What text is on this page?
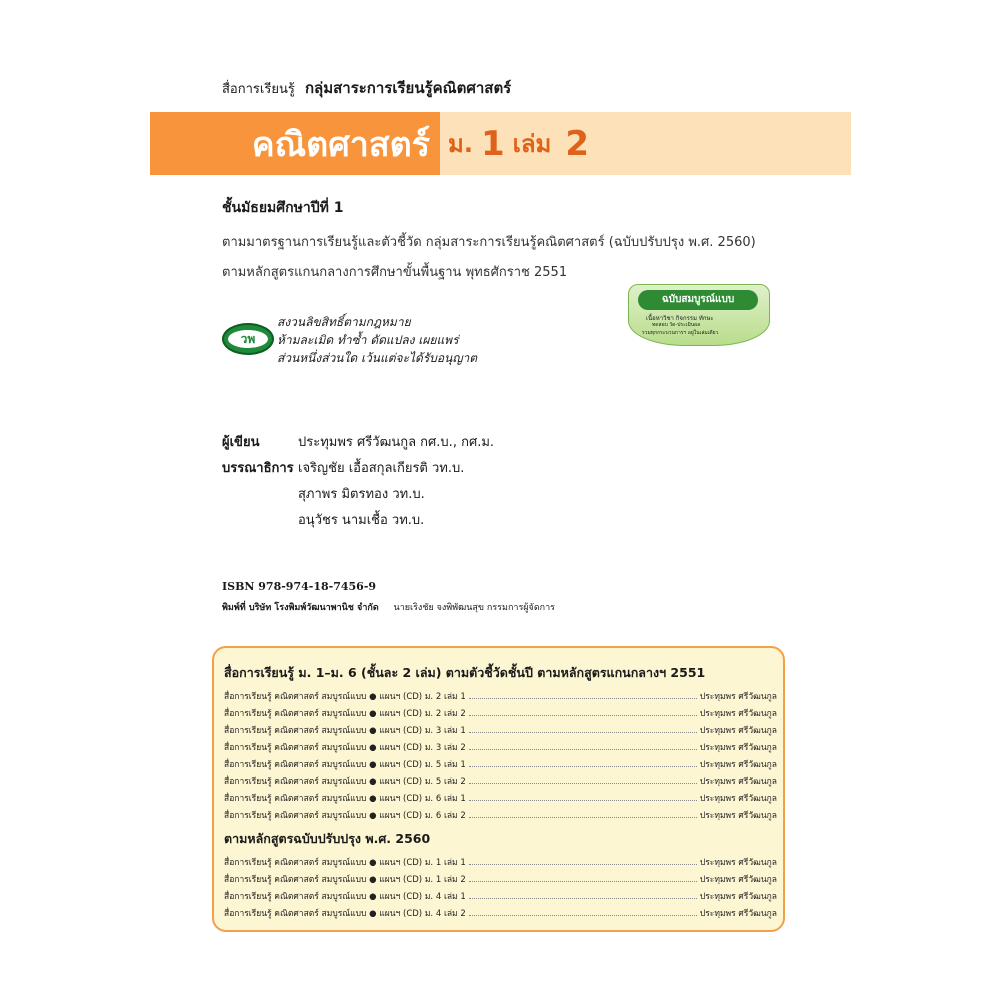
สื่อการเรียนรู้ กลุ่มสาระการเรียนรู้คณิตศาสตร์
คณิตศาสตร์ ม. 1 เล่ม 2
ชั้นมัธยมศึกษาปีที่ 1
ตามมาตรฐานการเรียนรู้และตัวชี้วัด กลุ่มสาระการเรียนรู้คณิตศาสตร์ (ฉบับปรับปรุง พ.ศ. 2560)
ตามหลักสูตรแกนกลางการศึกษาขั้นพื้นฐาน พุทธศักราช 2551
วพ
สงวนลิขสิทธิ์ตามกฎหมาย
ห้ามละเมิด ทำซ้ำ ดัดแปลง เผยแพร่
ส่วนหนึ่งส่วนใด เว้นแต่จะได้รับอนุญาต
ฉบับสมบูรณ์แบบ
เนื้อหาวิชา กิจกรรม ทักษะ
ทดสอบ วัด-ประเมินผล
รวมทุกกระบวนการฯ อยู่ในเล่มเดียว
ผู้เขียน	ประทุมพร ศรีวัฒนกูล กศ.บ., กศ.ม.
บรรณาธิการ เจริญชัย เอื้อสกุลเกียรติ วท.บ.
สุภาพร มิตรทอง วท.บ.
อนุวัชร นามเชื้อ วท.บ.
ISBN 978-974-18-7456-9
พิมพ์ที่ บริษัท โรงพิมพ์วัฒนาพานิช จำกัด นายเริงชัย จงพิพัฒนสุข กรรมการผู้จัดการ
สื่อการเรียนรู้ ม. 1–ม. 6 (ชั้นละ 2 เล่ม) ตามตัวชี้วัดชั้นปี ตามหลักสูตรแกนกลางฯ 2551
สื่อการเรียนรู้ คณิตศาสตร์ สมบูรณ์แบบ ● แผนฯ (CD) ม. 2 เล่ม 1	ประทุมพร ศรีวัฒนกูล
สื่อการเรียนรู้ คณิตศาสตร์ สมบูรณ์แบบ ● แผนฯ (CD) ม. 2 เล่ม 2	ประทุมพร ศรีวัฒนกูล
สื่อการเรียนรู้ คณิตศาสตร์ สมบูรณ์แบบ ● แผนฯ (CD) ม. 3 เล่ม 1	ประทุมพร ศรีวัฒนกูล
สื่อการเรียนรู้ คณิตศาสตร์ สมบูรณ์แบบ ● แผนฯ (CD) ม. 3 เล่ม 2	ประทุมพร ศรีวัฒนกูล
สื่อการเรียนรู้ คณิตศาสตร์ สมบูรณ์แบบ ● แผนฯ (CD) ม. 5 เล่ม 1	ประทุมพร ศรีวัฒนกูล
สื่อการเรียนรู้ คณิตศาสตร์ สมบูรณ์แบบ ● แผนฯ (CD) ม. 5 เล่ม 2	ประทุมพร ศรีวัฒนกูล
สื่อการเรียนรู้ คณิตศาสตร์ สมบูรณ์แบบ ● แผนฯ (CD) ม. 6 เล่ม 1	ประทุมพร ศรีวัฒนกูล
สื่อการเรียนรู้ คณิตศาสตร์ สมบูรณ์แบบ ● แผนฯ (CD) ม. 6 เล่ม 2	ประทุมพร ศรีวัฒนกูล
ตามหลักสูตรฉบับปรับปรุง พ.ศ. 2560
สื่อการเรียนรู้ คณิตศาสตร์ สมบูรณ์แบบ ● แผนฯ (CD) ม. 1 เล่ม 1	ประทุมพร ศรีวัฒนกูล
สื่อการเรียนรู้ คณิตศาสตร์ สมบูรณ์แบบ ● แผนฯ (CD) ม. 1 เล่ม 2	ประทุมพร ศรีวัฒนกูล
สื่อการเรียนรู้ คณิตศาสตร์ สมบูรณ์แบบ ● แผนฯ (CD) ม. 4 เล่ม 1	ประทุมพร ศรีวัฒนกูล
สื่อการเรียนรู้ คณิตศาสตร์ สมบูรณ์แบบ ● แผนฯ (CD) ม. 4 เล่ม 2	ประทุมพร ศรีวัฒนกูล
